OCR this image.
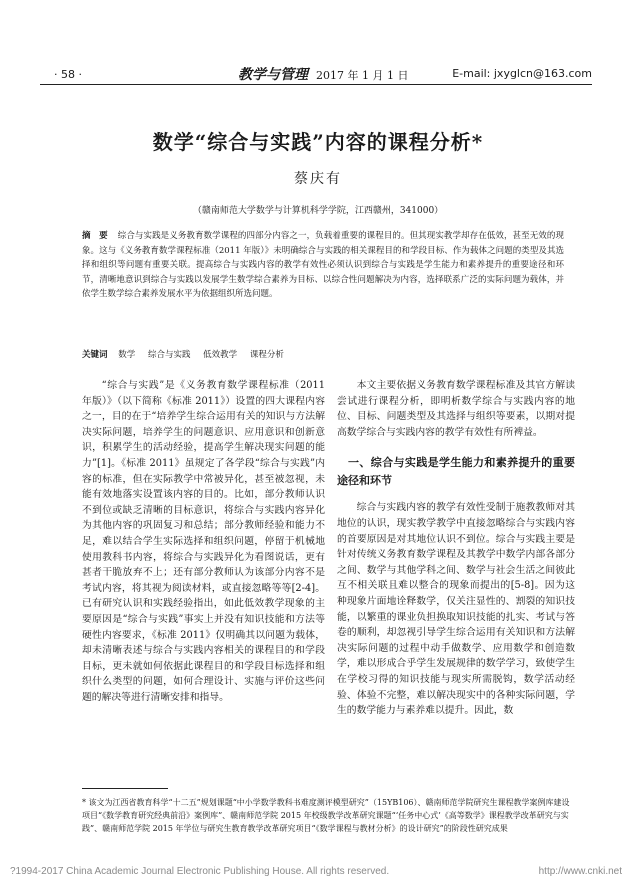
· 58 ·	教学与管理 2017 年 1 月 1 日	E-mail: jxyglcn@163.com
数学“综合与实践”内容的课程分析*
蔡庆有
（赣南师范大学数学与计算机科学学院，江西赣州，341000）
摘　要 综合与实践是义务教育数学课程的四部分内容之一，负载着重要的课程目的。但其现实教学却存在低效，甚至无效的现象。这与《义务教育数学课程标准（2011 年版）》未明确综合与实践的相关课程目的和学段目标、作为载体之问题的类型及其选择和组织等问题有重要关联。提高综合与实践内容的教学有效性必须认识到综合与实践是学生能力和素养提升的重要途径和环节，清晰地意识到综合与实践以发展学生数学综合素养为目标、以综合性问题解决为内容，选择联系广泛的实际问题为载体，并依学生数学综合素养发展水平为依据组织所选问题。
关键词 数学 综合与实践 低效教学 课程分析

“综合与实践”是《义务教育数学课程标准（2011 年版）》（以下简称《标准 2011》）设置的四大课程内容之一，目的在于“培养学生综合运用有关的知识与方法解决实际问题，培养学生的问题意识、应用意识和创新意识，积累学生的活动经验，提高学生解决现实问题的能力”[1]。《标准 2011》虽规定了各学段“综合与实践”内容的标准，但在实际教学中常被异化，甚至被忽视，未能有效地落实设置该内容的目的。比如，部分教师认识不到位或缺乏清晰的目标意识，将综合与实践内容异化为其他内容的巩固复习和总结；部分教师经验和能力不足，难以结合学生实际选择和组织问题，停留于机械地使用教科书内容，将综合与实践异化为看图说话，更有甚者干脆放弃不上；还有部分教师认为该部分内容不是考试内容，将其视为阅读材料，或直接忽略等等[2-4]。已有研究认识和实践经验指出，如此低效教学现象的主要原因是“综合与实践”事实上并没有知识技能和方法等硬性内容要求，《标准 2011》仅明确其以问题为载体，却未清晰表述与综合与实践内容相关的课程目的和学段目标，更未就如何依据此课程目的和学段目标选择和组织什么类型的问题，如何合理设计、实施与评价这些问题的解决等进行清晰安排和指导。

本文主要依据义务教育数学课程标准及其官方解读尝试进行课程分析，即明析数学综合与实践内容的地位、目标、问题类型及其选择与组织等要素，以期对提高数学综合与实践内容的教学有效性有所裨益。

一、综合与实践是学生能力和素养提升的重要途径和环节

综合与实践内容的教学有效性受制于施教教师对其地位的认识，现实教学教学中直接忽略综合与实践内容的首要原因是对其地位认识不到位。综合与实践主要是针对传统义务教育数学课程及其教学中数学内部各部分之间、数学与其他学科之间、数学与社会生活之间彼此互不相关联且难以整合的现象而提出的[5-8]。因为这种现象片面地诠释数学，仅关注显性的、割裂的知识技能，以繁重的课业负担换取知识技能的扎实、考试与答卷的顺利，却忽视引导学生综合运用有关知识和方法解决实际问题的过程中动手做数学、应用数学和创造数学，难以形成合乎学生发展规律的数学学习，致使学生在学校习得的知识技能与现实所需脱钩，数学活动经验、体验不完整，难以解决现实中的各种实际问题，学生的数学能力与素养难以提升。因此，数

* 该文为江西省教育科学“十二五”规划课题“中小学数学教科书难度测评模型研究”（15YB106）、赣南师范学院研究生课程教学案例库建设项目“《数学教育研究经典前沿》案例库”、赣南师范学院 2015 年校级教学改革研究课题“‘任务中心式’《高等数学》课程教学改革研究与实践”、赣南师范学院 2015 年学位与研究生教育教学改革研究项目“《数学课程与教材分析》的设计研究”的阶段性研究成果
?1994-2017 China Academic Journal Electronic Publishing House. All rights reserved.	http://www.cnki.net
